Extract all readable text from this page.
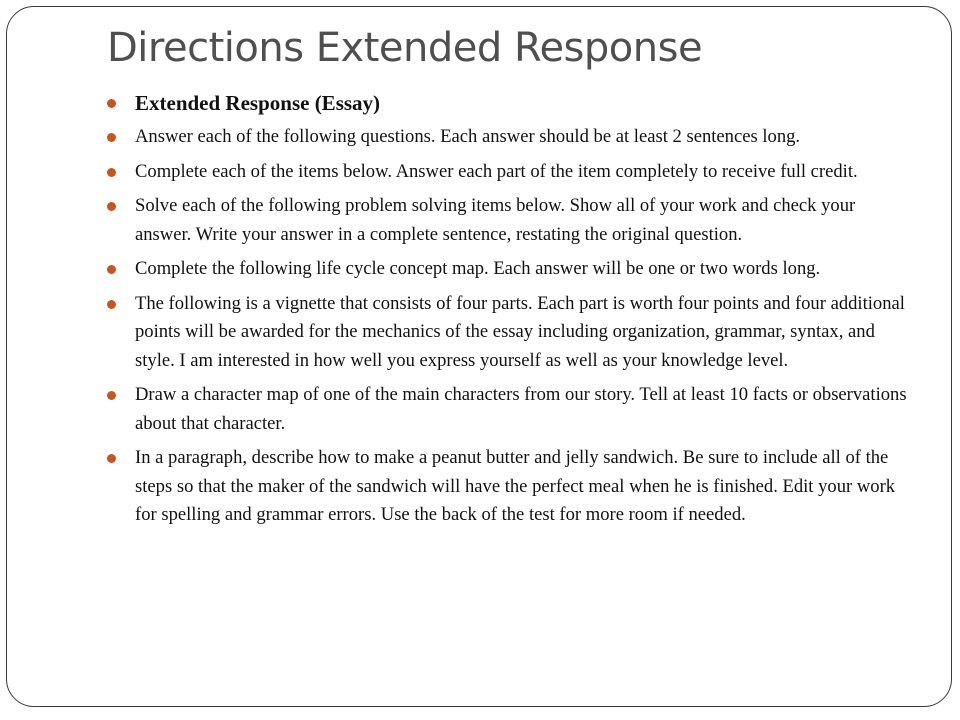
Directions Extended Response
Extended Response (Essay)
Answer each of the following questions. Each answer should be at least 2 sentences long.
Complete each of the items below. Answer each part of the item completely to receive full credit.
Solve each of the following problem solving items below. Show all of your work and check your answer. Write your answer in a complete sentence, restating the original question.
Complete the following life cycle concept map. Each answer will be one or two words long.
The following is a vignette that consists of four parts. Each part is worth four points and four additional points will be awarded for the mechanics of the essay including organization, grammar, syntax, and style. I am interested in how well you express yourself as well as your knowledge level.
Draw a character map of one of the main characters from our story. Tell at least 10 facts or observations about that character.
In a paragraph, describe how to make a peanut butter and jelly sandwich. Be sure to include all of the steps so that the maker of the sandwich will have the perfect meal when he is finished. Edit your work for spelling and grammar errors. Use the back of the test for more room if needed.
